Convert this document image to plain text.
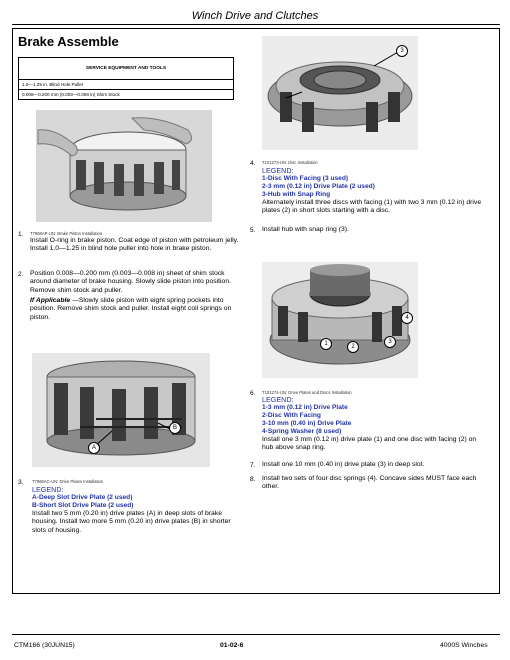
Winch Drive and Clutches
Brake Assemble
SERVICE EQUIPMENT AND TOOLS
1.0—1.25 in. Blind Hole Puller
0.008—0.200 mm (0.003—0.008 in) Shim Stock
T7968AP-UN: Brake Piston Installation
1.
Install O-ring in brake piston. Coat edge of piston with petroleum jelly. Install 1.0—1.25 in blind hole puller into hole in brake piston.
2. Position 0.008—0.200 mm (0.003—0.008 in) sheet of shim stock around diameter of brake housing. Slowly slide piston into position. Remove shim stock and puller.
If Applicable —Slowly slide piston with eight spring pockets into position. Remove shim stock and puller. Install eight coil springs on piston.
B
A
3. T7968AC-UN: Drive Plates Installation
LEGEND:
A-Deep Slot Drive Plate (2 used)
B-Short Slot Drive Plate (2 used)
Install two 5 mm (0.20 in) drive plates (A) in deep slots of brake housing. Install two more 5 mm (0.20 in) drive plates (B) in shorter slots of housing.
3
4. T101273-UN: Disc Installation
LEGEND:
1-Disc With Facing (3 used)
2-3 mm (0.12 in) Drive Plate (2 used)
3-Hub with Snap Ring
Alternately install three discs with facing (1) with two 3 mm (0.12 in) drive plates (2) in short slots starting with a disc.
5. Install hub with snap ring (3).
4
1	2
3
6. T101274-UN: Drive Plates and Discs Installation
LEGEND:
1-3 mm (0.12 in) Drive Plate
2-Disc With Facing
3-10 mm (0.40 in) Drive Plate
4-Spring Washer (8 used)
Install one 3 mm (0.12 in) drive plate (1) and one disc with facing (2) on hub above snap ring.
7. Install one 10 mm (0.40 in) drive plate (3) in deep slot.
8. Install two sets of four disc springs (4). Concave sides MUST face each other.
CTM166 (30JUN15)	01-02-6	4000S Winches
